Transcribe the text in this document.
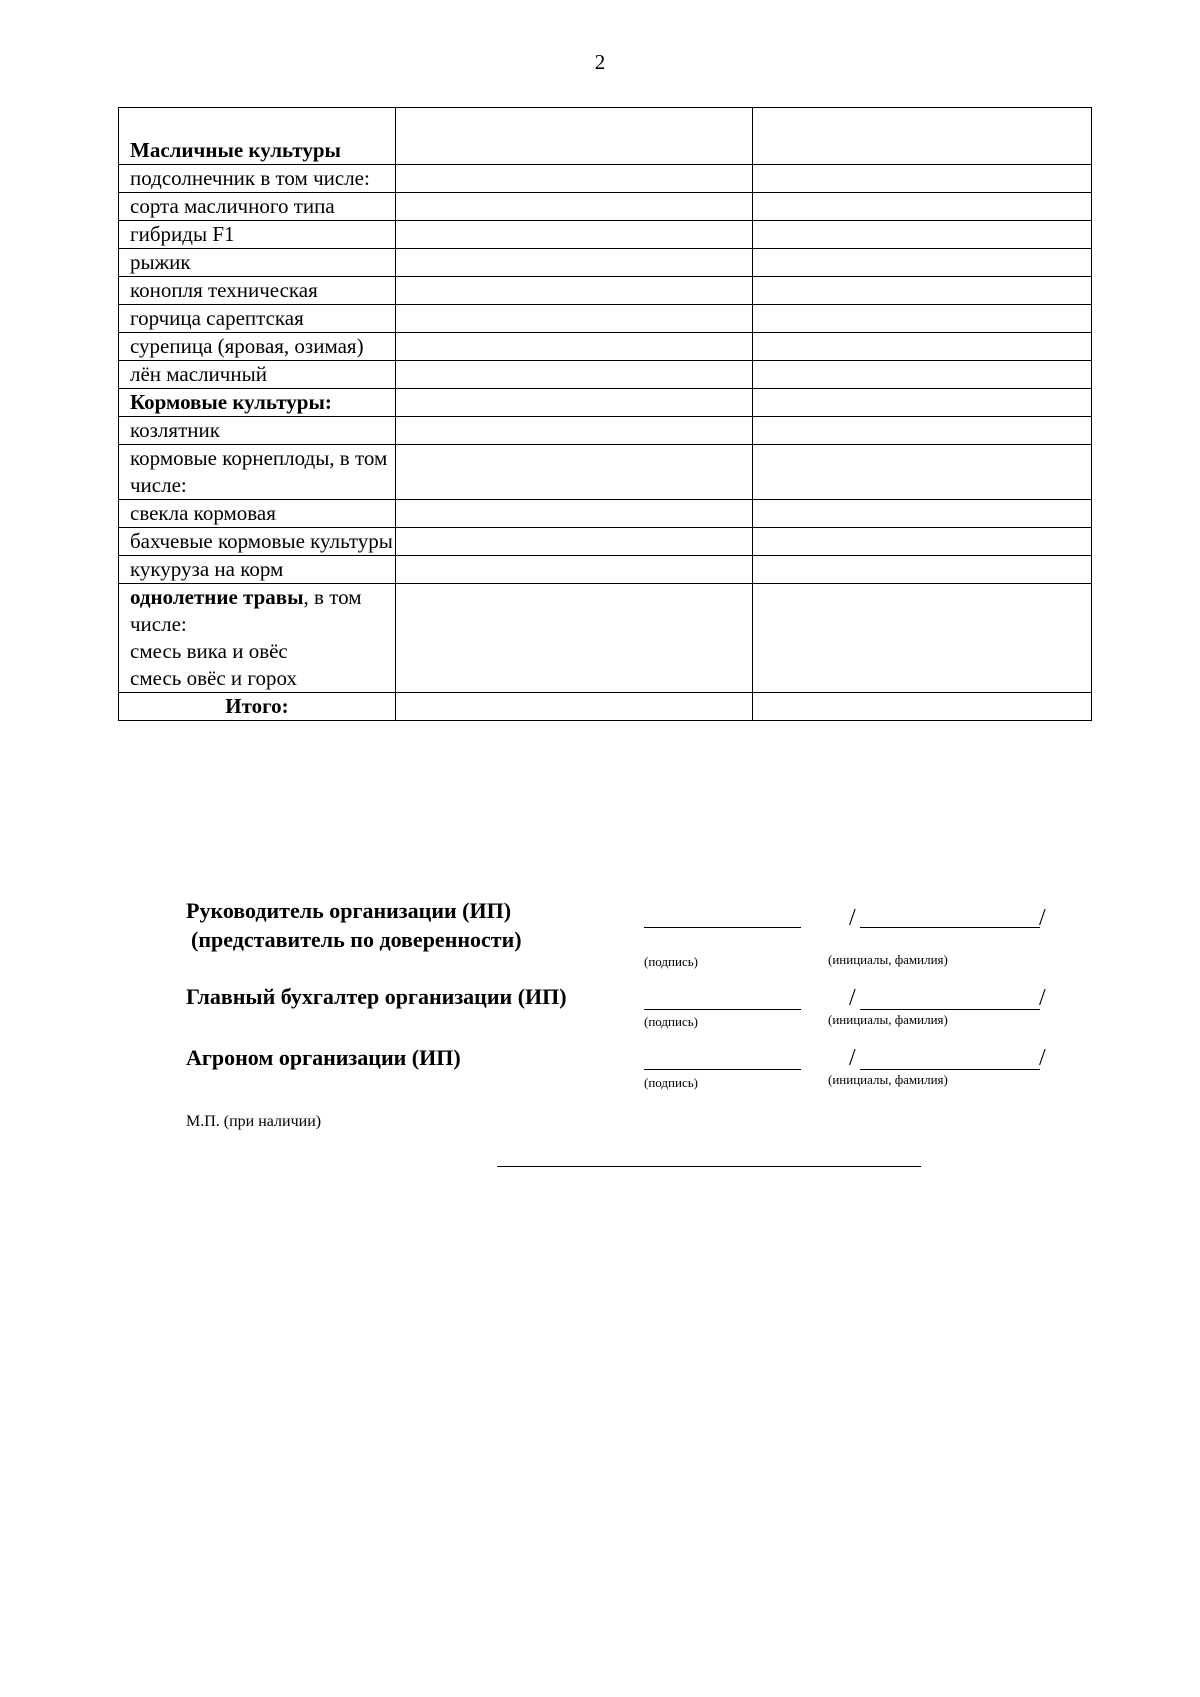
2
Масличные культуры		
подсолнечник в том числе:		
сорта масличного типа		
гибриды F1		
рыжик		
конопля техническая		
горчица сарептская		
сурепица (яровая, озимая)		
лён масличный		
Кормовые культуры:		
козлятник		
кормовые корнеплоды, в том числе:		
свекла кормовая		
бахчевые кормовые культуры		
кукуруза на корм		
однолетние травы, в том числе:
смесь вика и овёс
смесь овёс и горох		

Итого:		
Руководитель организации (ИП)
(представитель по доверенности)
/	/
(подпись)	(инициалы, фамилия)
Главный бухгалтер организации (ИП)	/	/
(подпись)	(инициалы, фамилия)
Агроном организации (ИП)	/	/
(подпись)	(инициалы, фамилия)
М.П. (при наличии)
